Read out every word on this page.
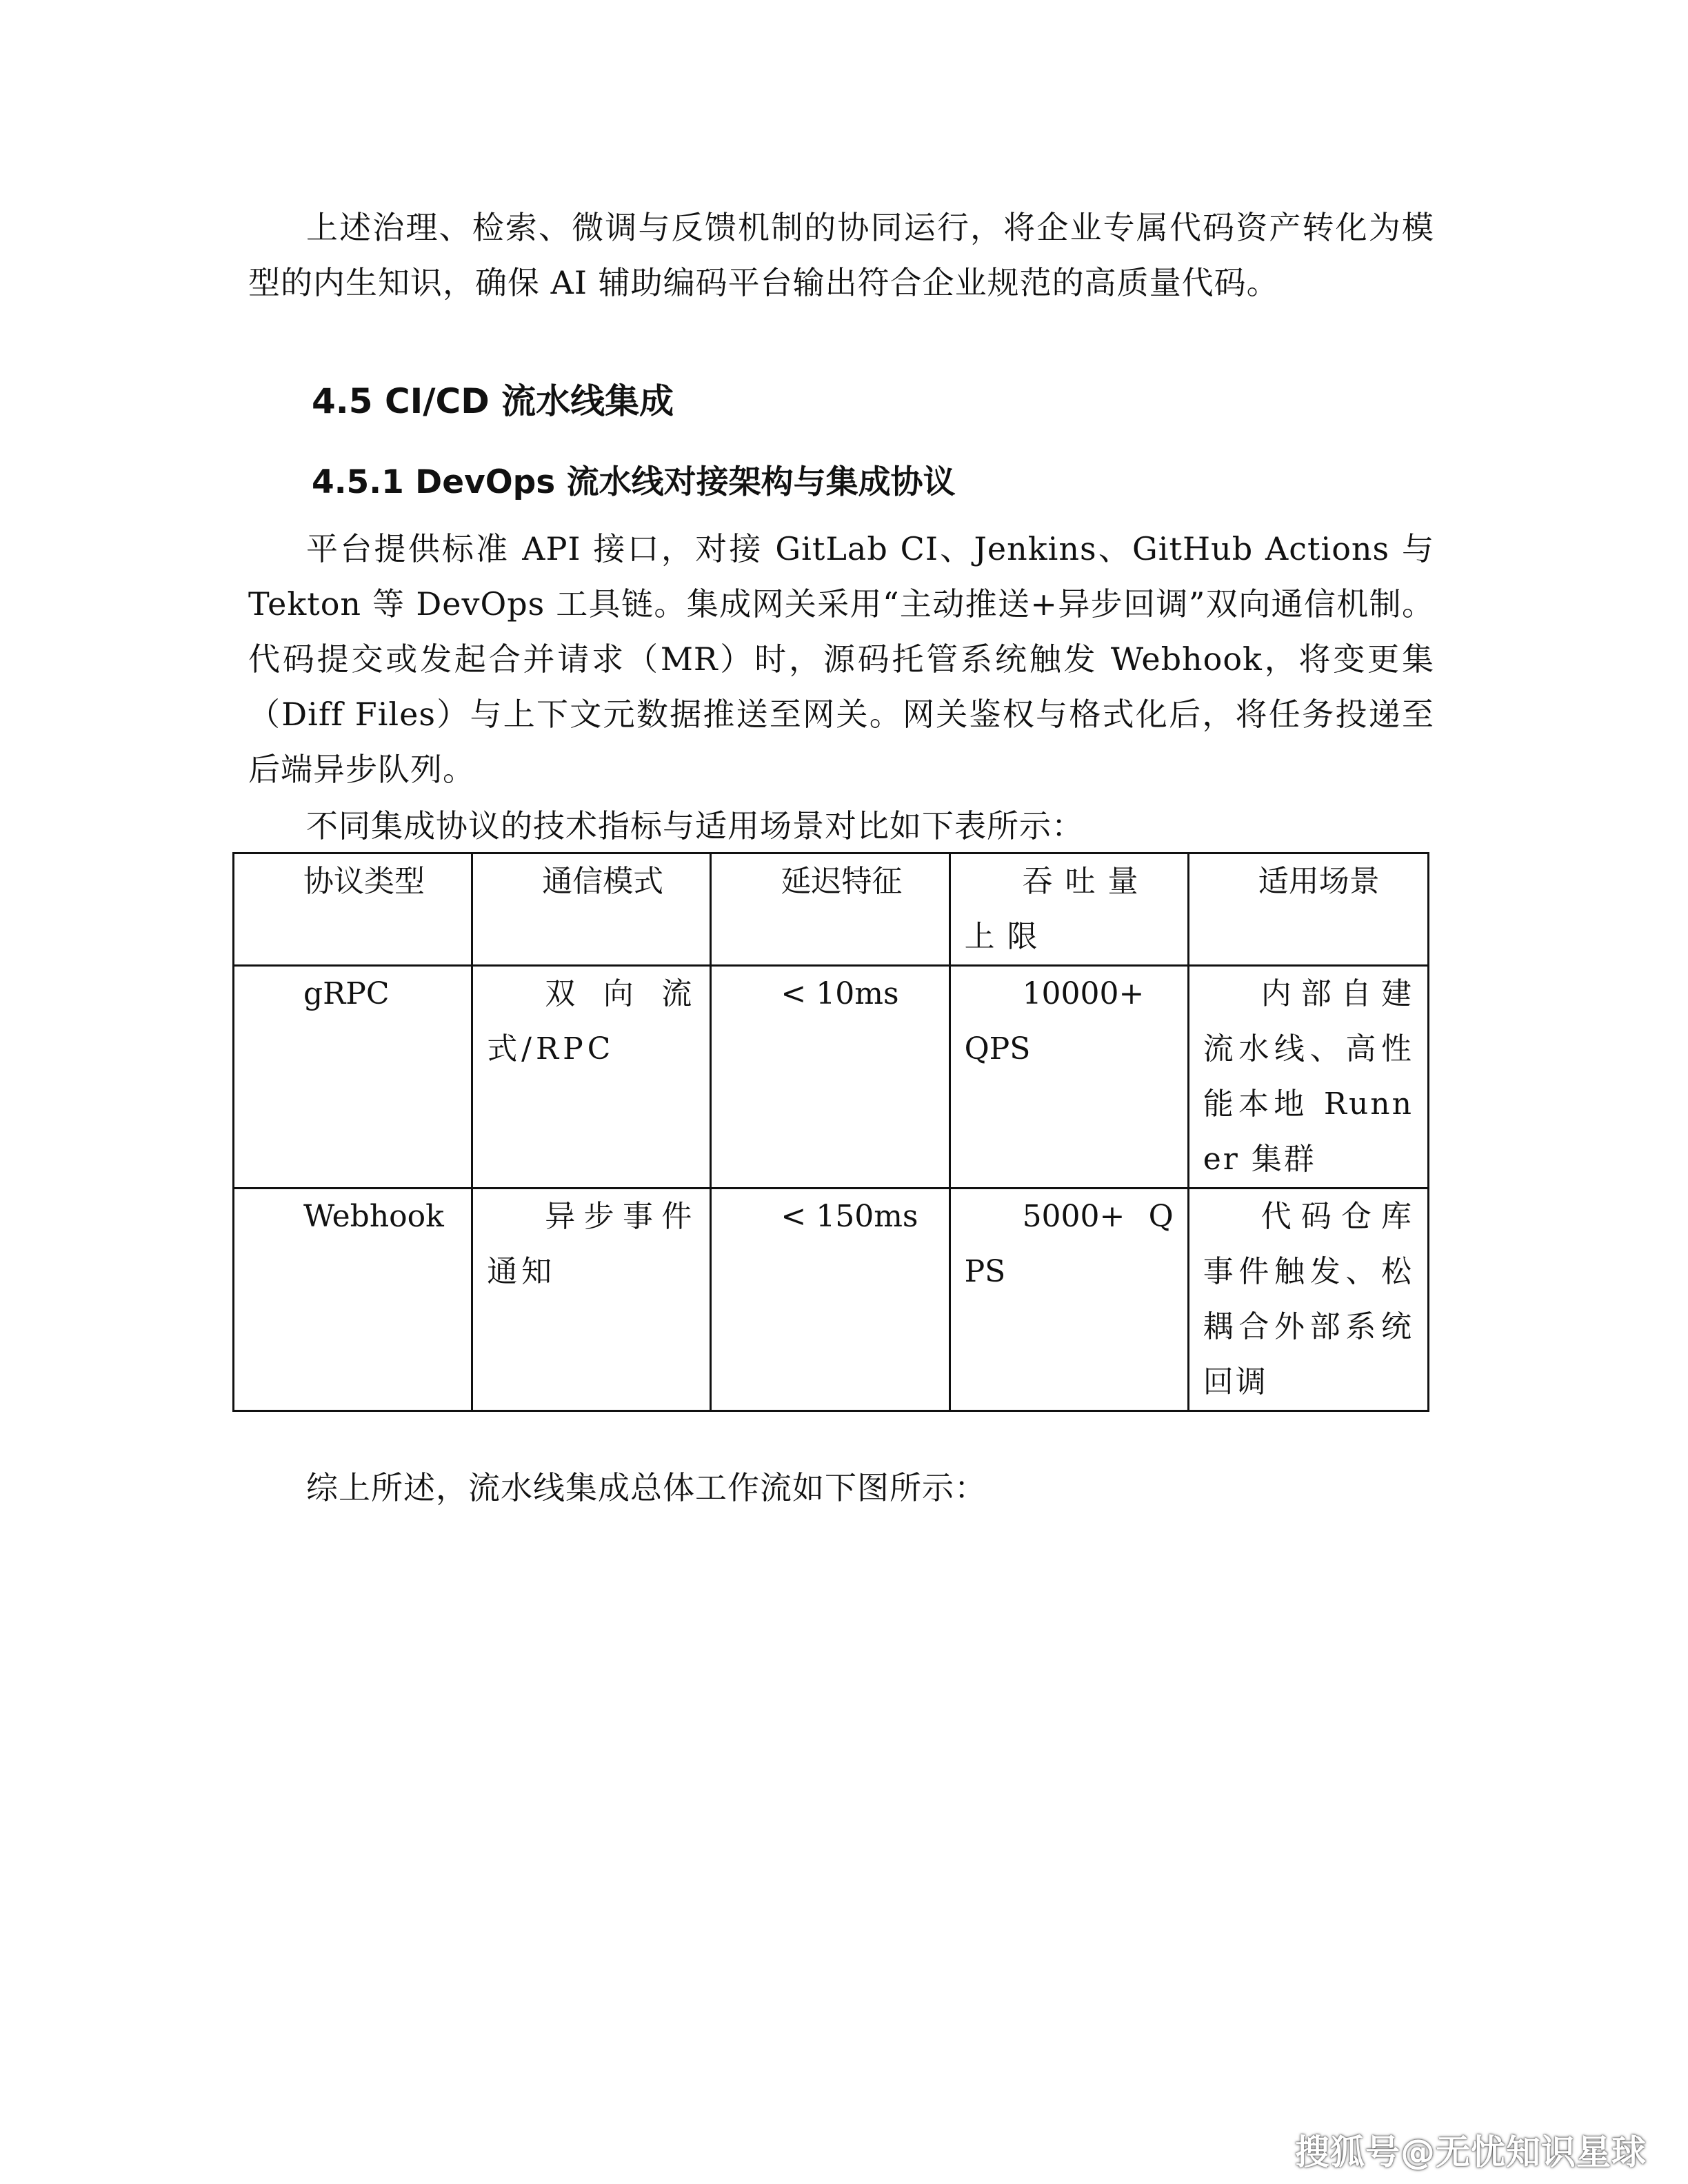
上述治理、检索、微调与反馈机制的协同运行，将企业专属代码资产转化为模型的内生知识，确保 AI 辅助编码平台输出符合企业规范的高质量代码。

4.5 CI/CD 流水线集成
4.5.1 DevOps 流水线对接架构与集成协议

平台提供标准 API 接口，对接 GitLab CI、Jenkins、GitHub Actions 与 Tekton 等 DevOps 工具链。集成网关采用“主动推送+异步回调”双向通信机制。代码提交或发起合并请求（MR）时，源码托管系统触发 Webhook，将变更集（Diff Files）与上下文元数据推送至网关。网关鉴权与格式化后，将任务投递至后端异步队列。

不同集成协议的技术指标与适用场景对比如下表所示：

协议类型	通信模式	延迟特征	吞吐量上限	适用场景
gRPC	双向流式/RPC	< 10ms	10000+ QPS	内部自建流水线、高性能本地 Runner 集群
Webhook	异步事件通知	< 150ms	5000+ QPS	代码仓库事件触发、松耦合外部系统回调

综上所述，流水线集成总体工作流如下图所示：

搜狐号@无忧知识星球
